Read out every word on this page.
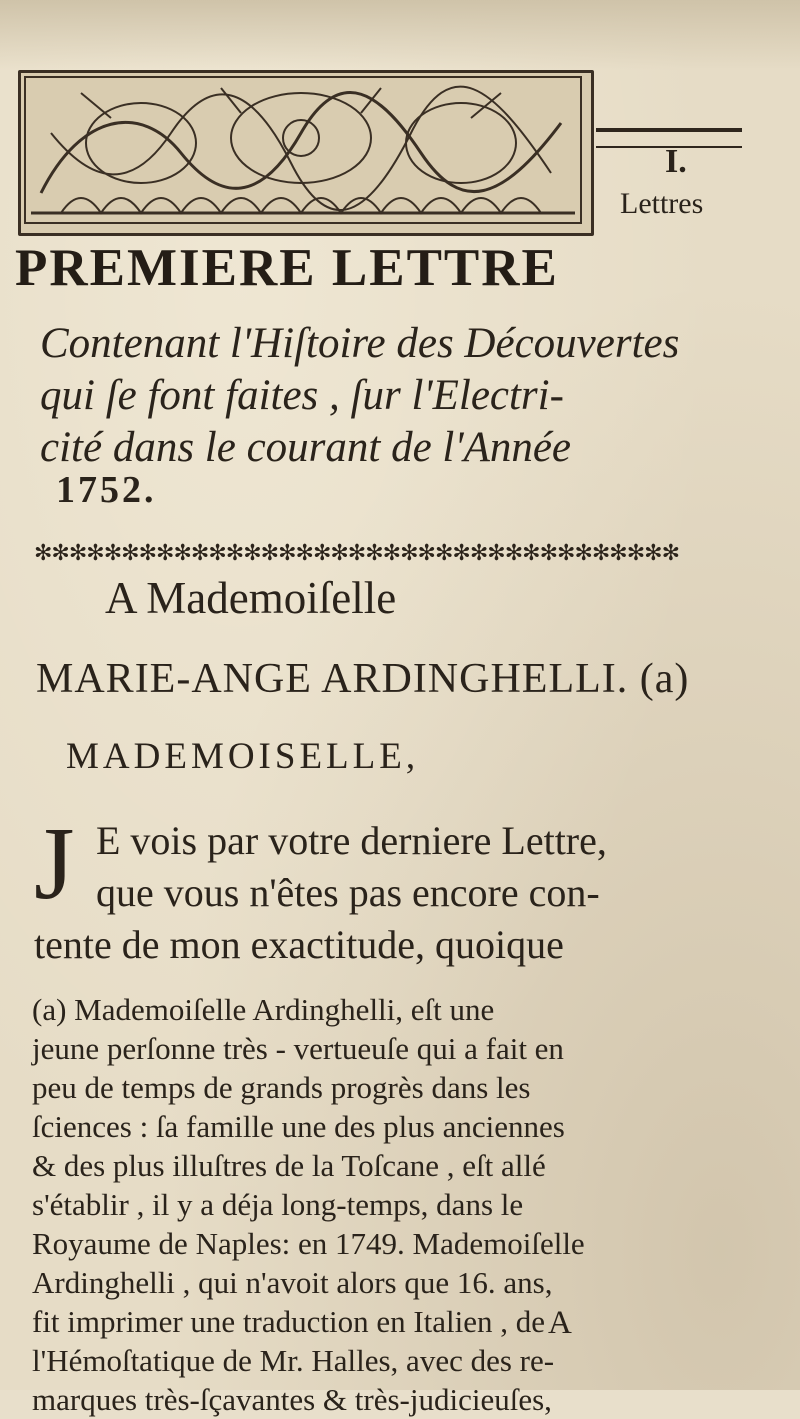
I.
Lettres
PREMIERE LETTRE
Contenant l'Hiſtoire des Découvertes
qui ſe font faites , ſur l'Electri-
cité dans le courant de l'Année
1752.
✻✻✻✻✻✻✻✻✻✻✻✻✻✻✻✻✻✻✻✻✻✻✻✻✻✻✻✻✻✻✻✻✻✻✻✻✻
A Mademoiſelle
MARIE-ANGE ARDINGHELLI. (a)
MADEMOISELLE,
J E vois par votre derniere Lettre,
que vous n'êtes pas encore con-
tente de mon exactitude, quoique
(a) Mademoiſelle Ardinghelli, eſt une
jeune perſonne très - vertueuſe qui a fait en
peu de temps de grands progrès dans les
ſciences : ſa famille une des plus anciennes
& des plus illuſtres de la Toſcane , eſt allé
s'établir , il y a déja long-temps, dans le
Royaume de Naples: en 1749. Mademoiſelle
Ardinghelli , qui n'avoit alors que 16. ans,
fit imprimer une traduction en Italien , de
l'Hémoſtatique de Mr. Halles, avec des re-
marques très-ſçavantes & très-judicieuſes,
A
